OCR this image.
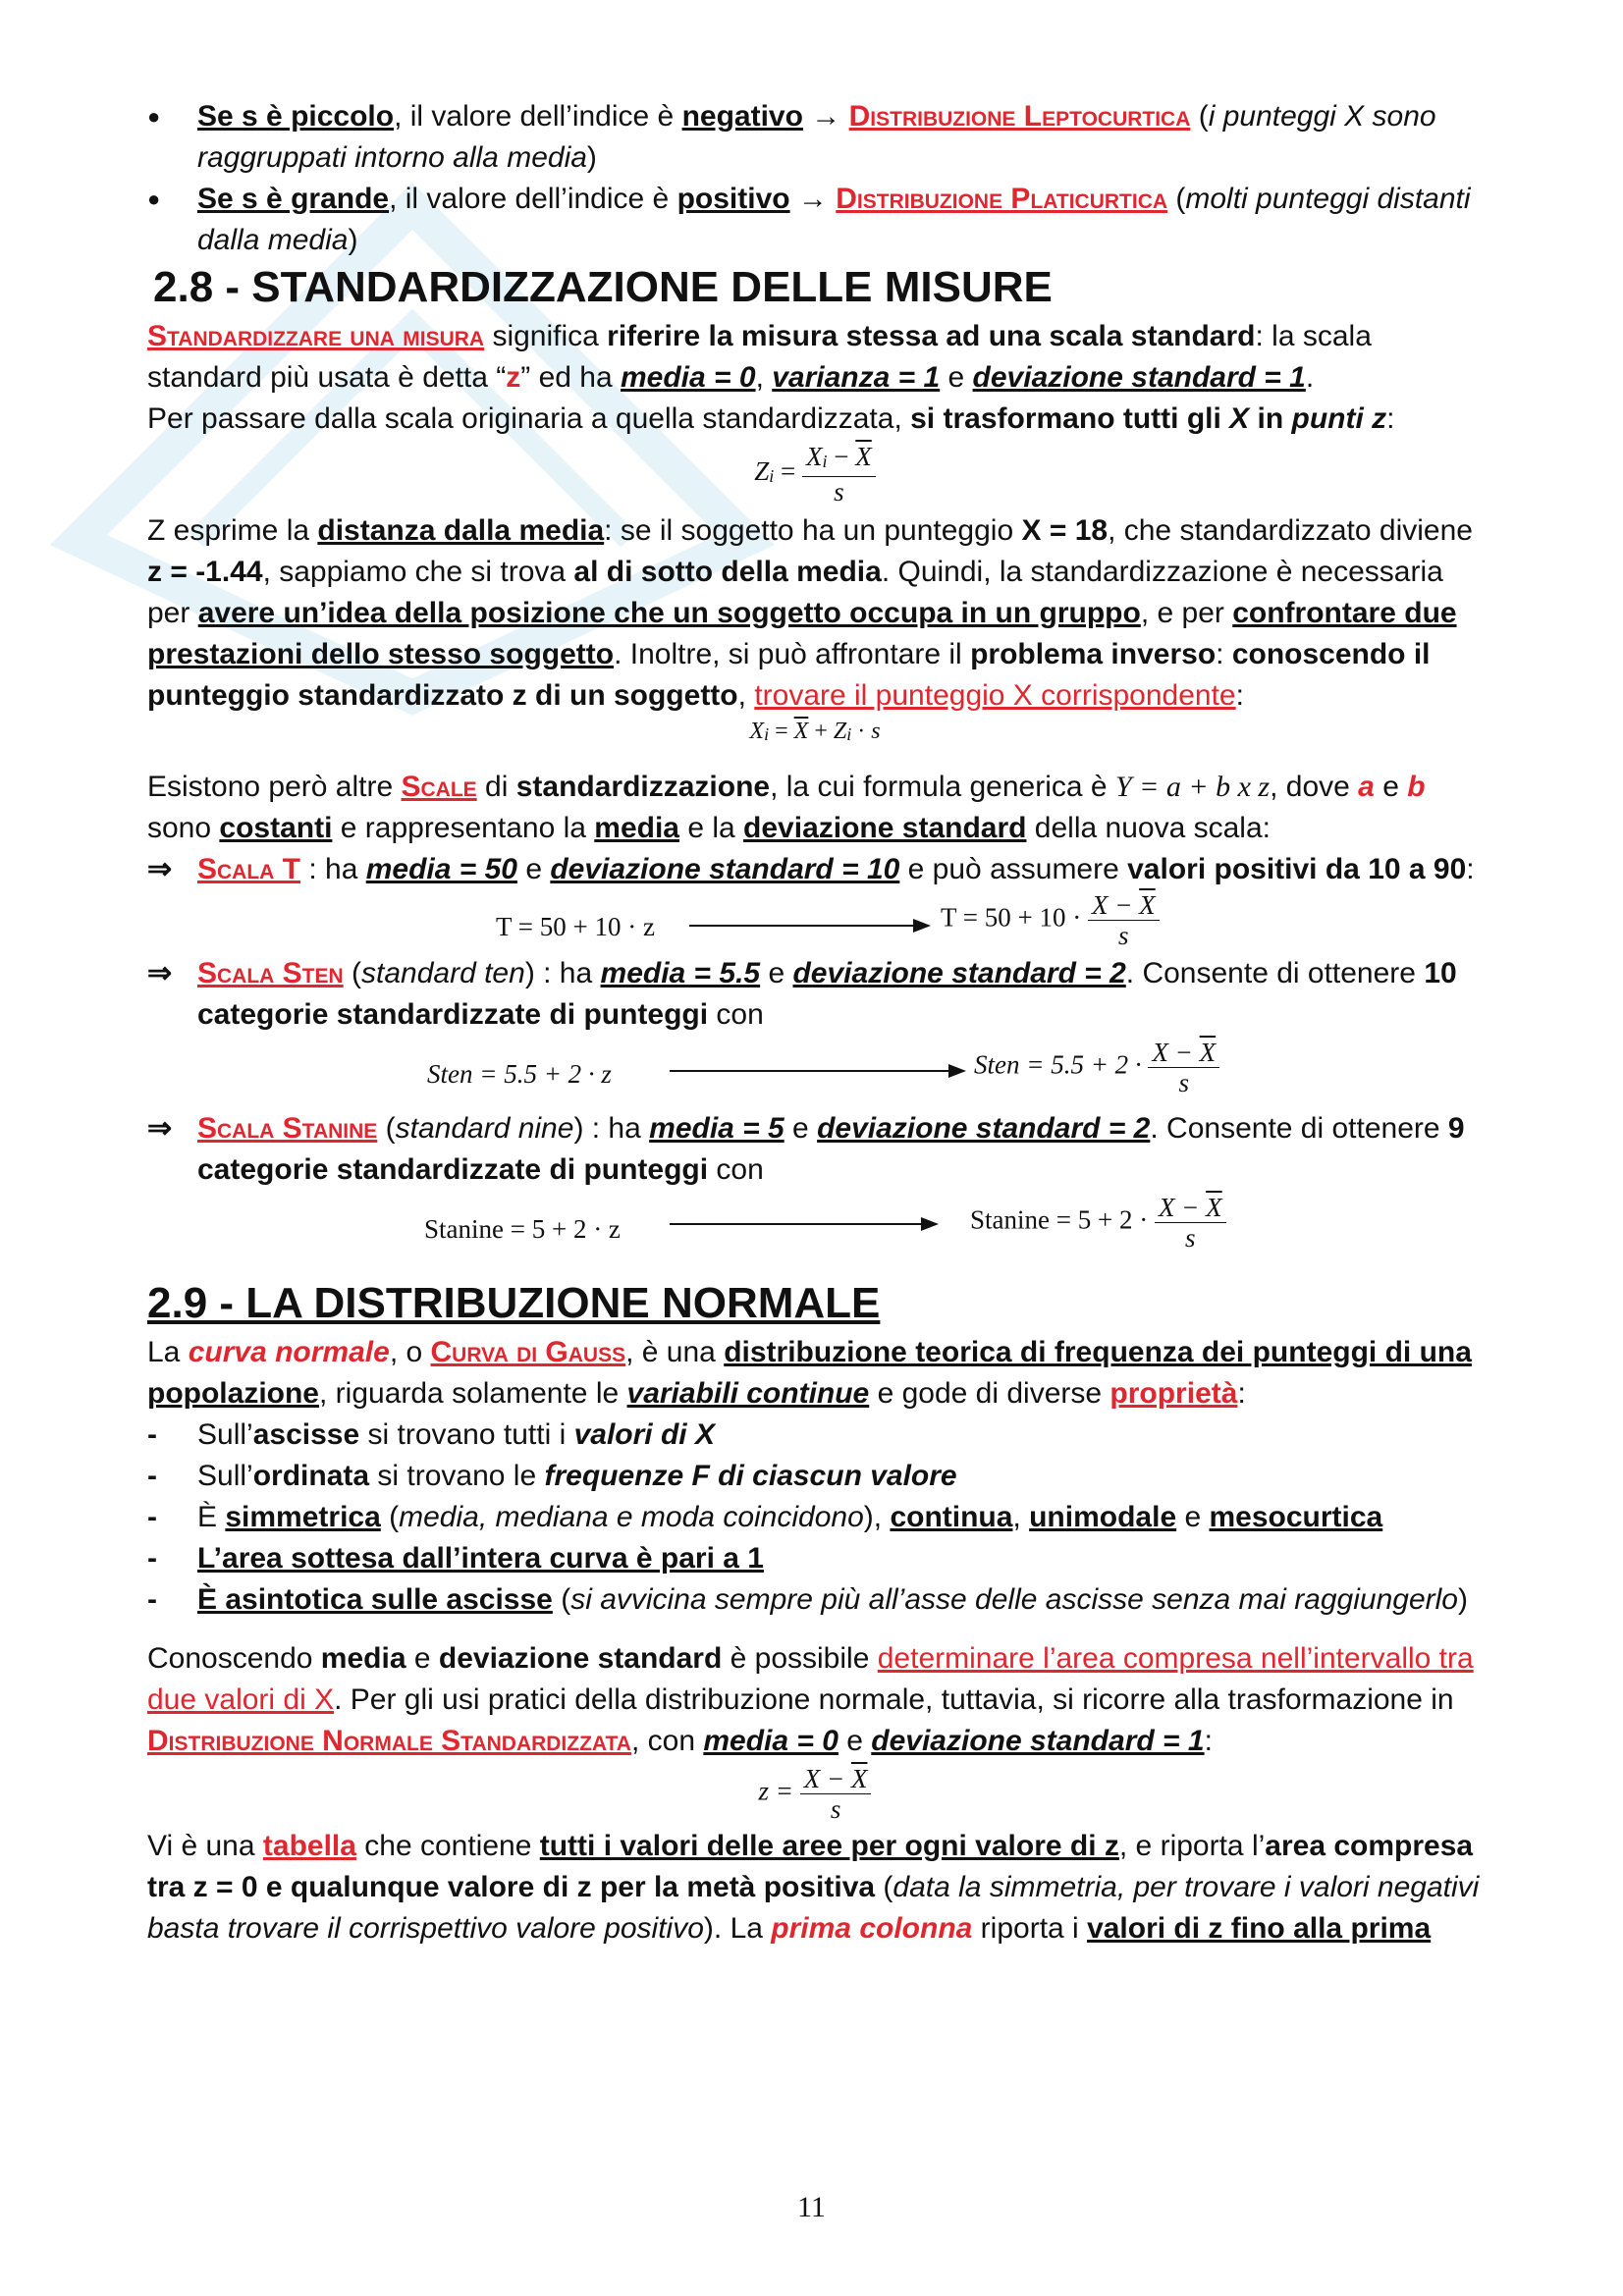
●	Se s è piccolo, il valore dell’indice è negativo → Distribuzione Leptocurtica (i punteggi X sono raggruppati intorno alla media)
●	Se s è grande, il valore dell’indice è positivo → Distribuzione Platicurtica (molti punteggi distanti dalla media)
2.8 - STANDARDIZZAZIONE DELLE MISURE

Standardizzare una misura significa riferire la misura stessa ad una scala standard: la scala standard più usata è detta “z” ed ha media = 0, varianza = 1 e deviazione standard = 1.

Per passare dalla scala originaria a quella standardizzata, si trasformano tutti gli X in punti z:

$Zi = \frac{Xi - \overline{X}}{s}$

Z esprime la distanza dalla media: se il soggetto ha un punteggio X = 18, che standardizzato diviene z = -1.44, sappiamo che si trova al di sotto della media. Quindi, la standardizzazione è necessaria per avere un’idea della posizione che un soggetto occupa in un gruppo, e per confrontare due prestazioni dello stesso soggetto. Inoltre, si può affrontare il problema inverso: conoscendo il punteggio standardizzato z di un soggetto, trovare il punteggio X corrispondente:

$Xi = \overline{X} + Zi \cdot s$

Esistono però altre Scale di standardizzazione, la cui formula generica è Y = a + b x z, dove a e b sono costanti e rappresentano la media e la deviazione standard della nuova scala:

⇒ Scala T : ha media = 50 e deviazione standard = 10 e può assumere valori positivi da 10 a 90:
T = 50 + 10 · z	$T = 50 + 10 \cdot \frac{X - \overline{X}}{s}$
⇒ Scala Sten (standard ten) : ha media = 5.5 e deviazione standard = 2. Consente di ottenere 10 categorie standardizzate di punteggi con
Sten = 5.5 + 2 · z	Sten = $5.5 + 2 \cdot \frac{X - \overline{X}}{s}$
⇒ Scala Stanine (standard nine) : ha media = 5 e deviazione standard = 2. Consente di ottenere 9 categorie standardizzate di punteggi con
Stanine = 5 + 2 · z	Stanine = $5 + 2 \cdot \frac{X - \overline{X}}{s}$
2.9 - LA DISTRIBUZIONE NORMALE

La curva normale, o Curva di Gauss, è una distribuzione teorica di frequenza dei punteggi di una popolazione, riguarda solamente le variabili continue e gode di diverse proprietà:

-	Sull’ascisse si trovano tutti i valori di X
-	Sull’ordinata si trovano le frequenze F di ciascun valore
-	È simmetrica (media, mediana e moda coincidono), continua, unimodale e mesocurtica
-	L’area sottesa dall’intera curva è pari a 1
-	È asintotica sulle ascisse (si avvicina sempre più all’asse delle ascisse senza mai raggiungerlo)

Conoscendo media e deviazione standard è possibile determinare l’area compresa nell’intervallo tra due valori di X. Per gli usi pratici della distribuzione normale, tuttavia, si ricorre alla trasformazione in Distribuzione Normale Standardizzata, con media = 0 e deviazione standard = 1:

$z = \frac{X - \overline{X}}{s}$

Vi è una tabella che contiene tutti i valori delle aree per ogni valore di z, e riporta l’area compresa tra z = 0 e qualunque valore di z per la metà positiva (data la simmetria, per trovare i valori negativi basta trovare il corrispettivo valore positivo). La prima colonna riporta i valori di z fino alla prima

11
